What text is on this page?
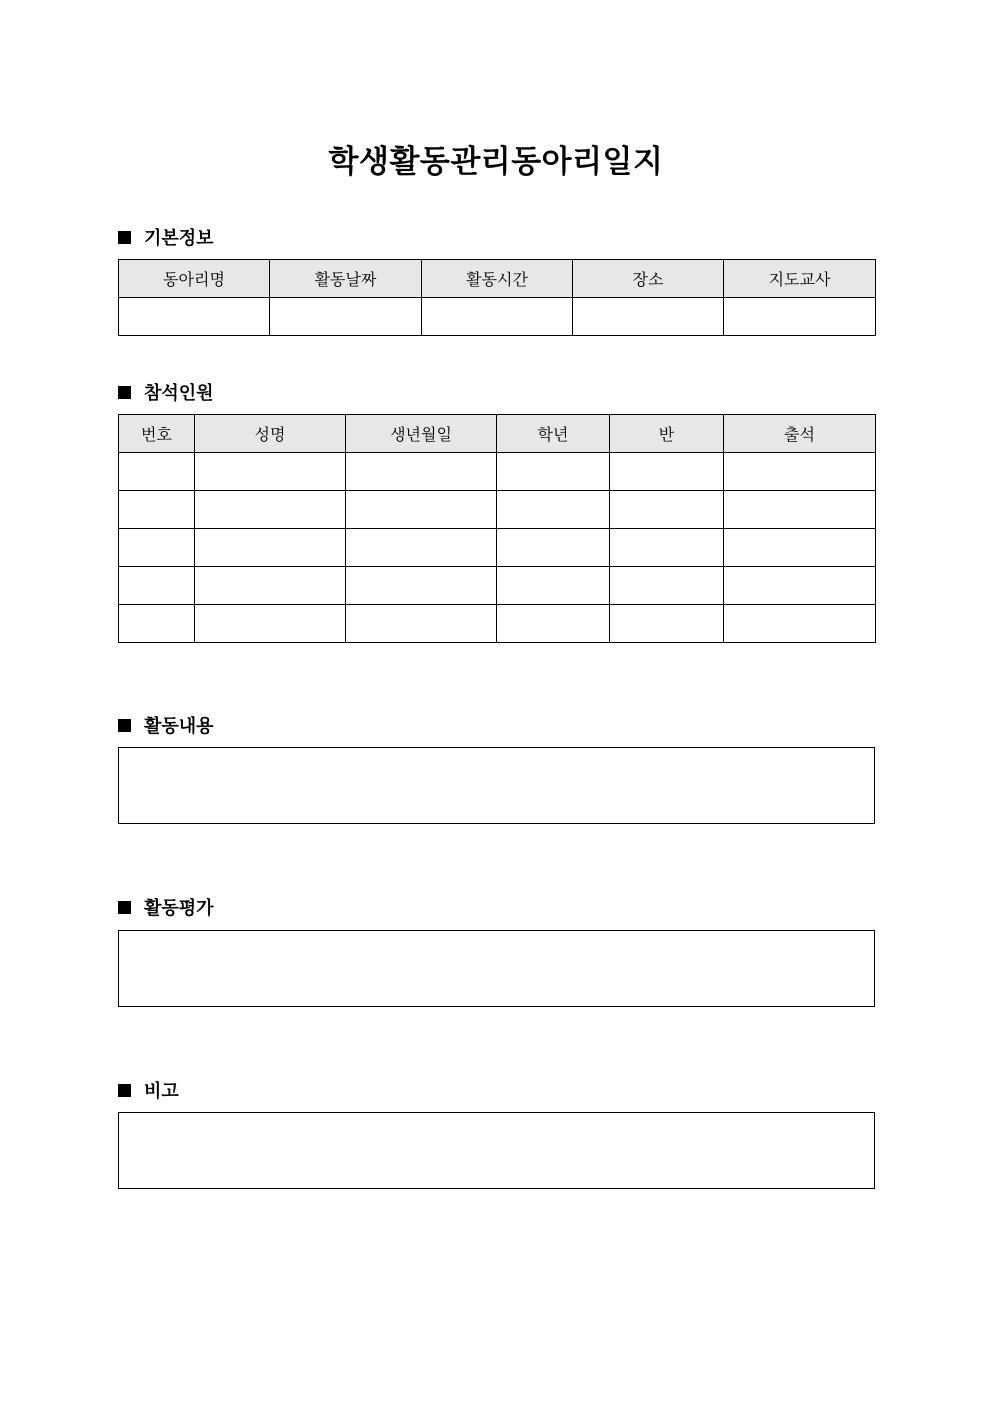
학생활동관리동아리일지
기본정보
동아리명	활동날짜	활동시간	장소	지도교사

참석인원
번호	성명	생년월일	학년	반	출석

활동내용
활동평가
비고
